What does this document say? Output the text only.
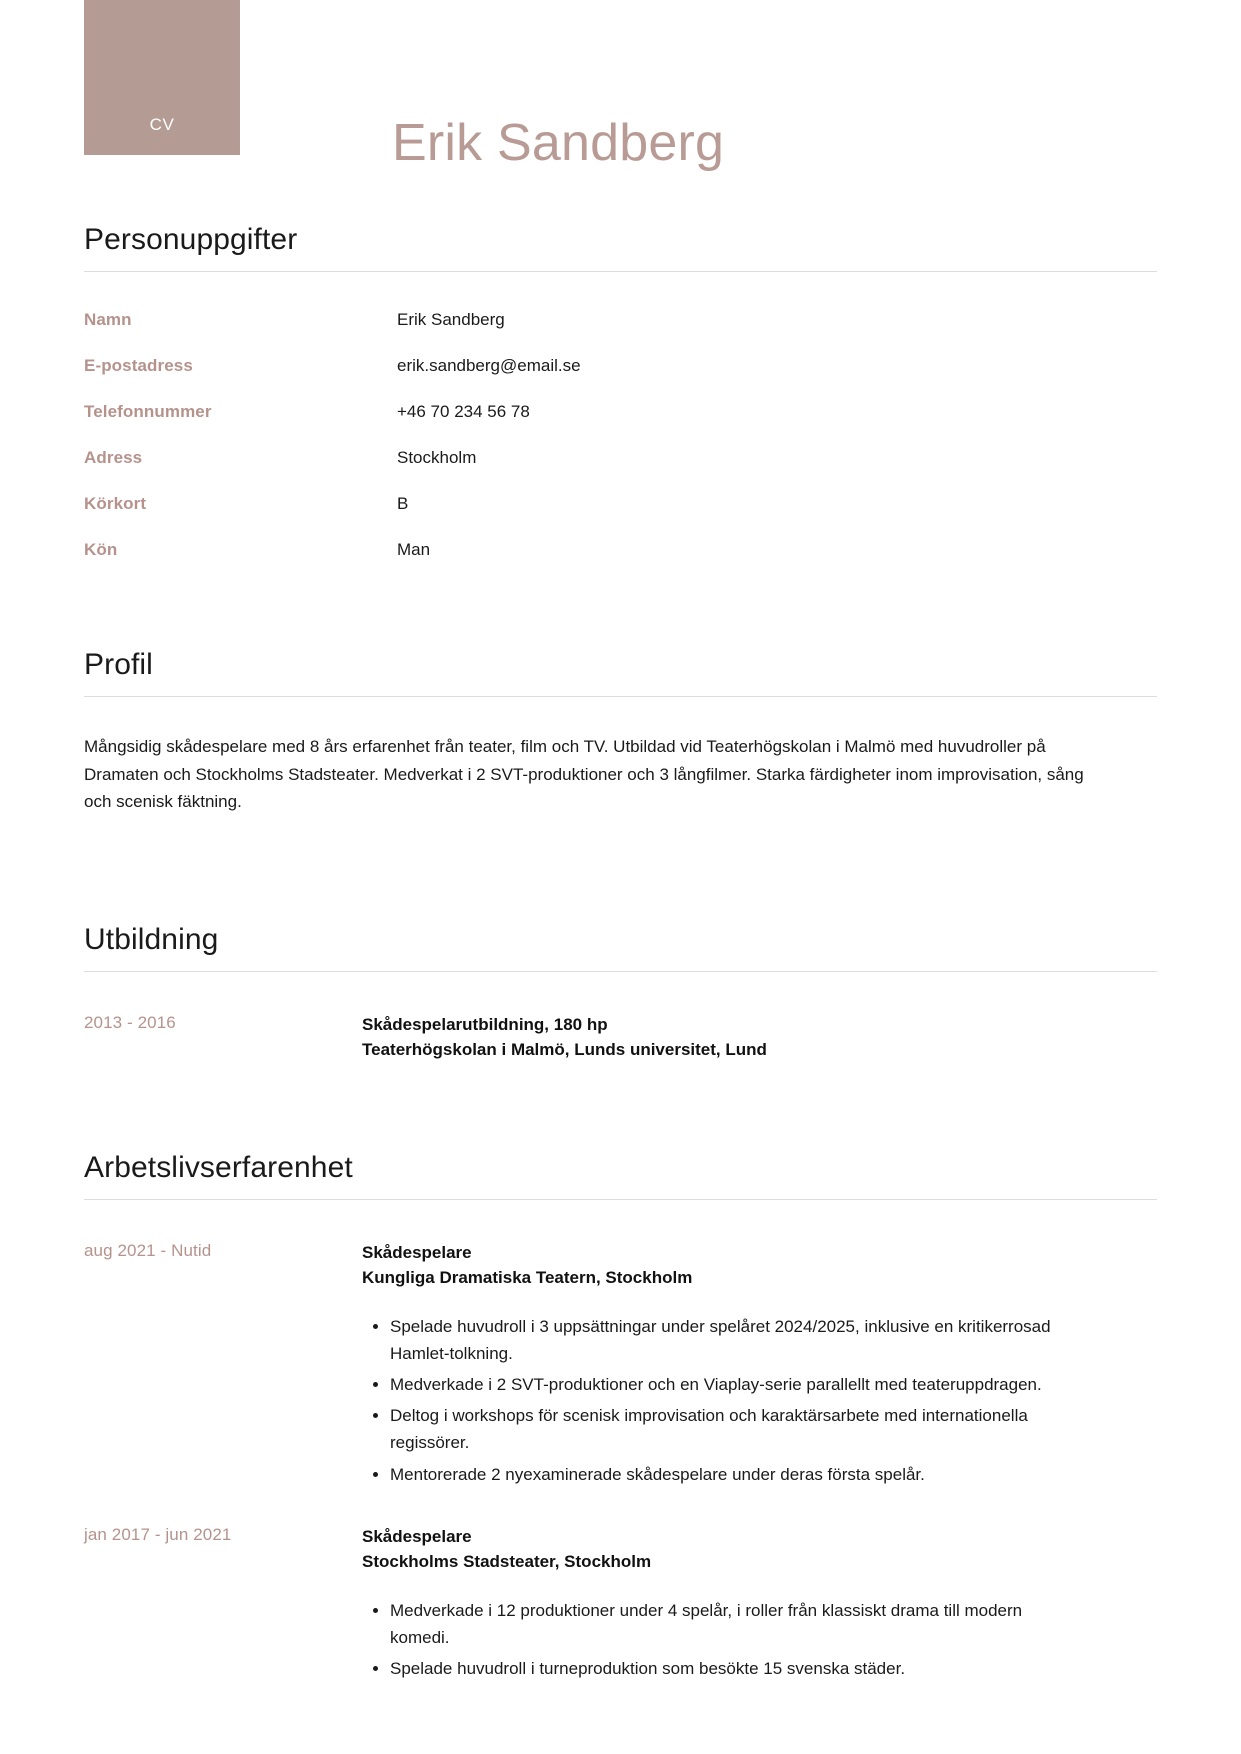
CV	Erik Sandberg
Personuppgifter
Namn	Erik Sandberg
E-postadress	erik.sandberg@email.se
Telefonnummer	+46 70 234 56 78
Adress	Stockholm
Körkort	B
Kön	Man
Profil

Mångsidig skådespelare med 8 års erfarenhet från teater, film och TV. Utbildad vid Teaterhögskolan i Malmö med huvudroller på Dramaten och Stockholms Stadsteater. Medverkat i 2 SVT-produktioner och 3 långfilmer. Starka färdigheter inom improvisation, sång och scenisk fäktning.

Utbildning
2013 - 2016	Skådespelarutbildning, 180 hp
Teaterhögskolan i Malmö, Lunds universitet, Lund
Arbetslivserfarenhet
aug 2021 - Nutid	Skådespelare
Kungliga Dramatiska Teatern, Stockholm
• Spelade huvudroll i 3 uppsättningar under spelåret 2024/2025, inklusive en kritikerrosad Hamlet-tolkning.
• Medverkade i 2 SVT-produktioner och en Viaplay-serie parallellt med teateruppdragen.
• Deltog i workshops för scenisk improvisation och karaktärsarbete med internationella regissörer.
• Mentorerade 2 nyexaminerade skådespelare under deras första spelår.
jan 2017 - jun 2021	Skådespelare
Stockholms Stadsteater, Stockholm
• Medverkade i 12 produktioner under 4 spelår, i roller från klassiskt drama till modern komedi.
• Spelade huvudroll i turneproduktion som besökte 15 svenska städer.
